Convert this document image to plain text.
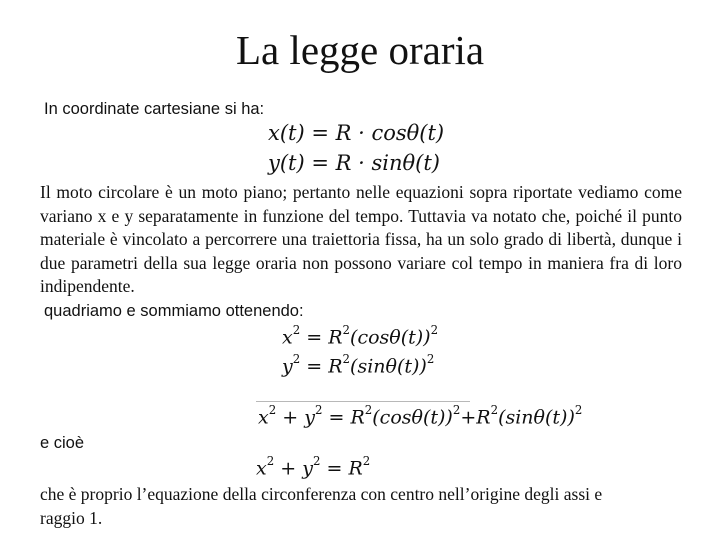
La legge oraria
In coordinate cartesiane si ha:
x(t) = R · cosθ(t)
y(t) = R · sinθ(t)
Il moto circolare è un moto piano; pertanto nelle equazioni sopra riportate vediamo come variano x e y separatamente in funzione del tempo. Tuttavia va notato che, poiché il punto materiale è vincolato a percorrere una traiettoria fissa, ha un solo grado di libertà, dunque i due parametri della sua legge oraria non possono variare col tempo in maniera fra di loro indipendente.
quadriamo e sommiamo ottenendo:
$x^2 = R^2(\cos\theta(t))^2$
$y^2 = R^2(\sin\theta(t))^2$
$x^2 + y^2 = R^2(\cos\theta(t))^2+R^2(\sin\theta(t))^2$
e cioè
$x^2 + y^2 = R^2$
che è proprio l’equazione della circonferenza con centro nell’origine degli assi e
raggio 1.
